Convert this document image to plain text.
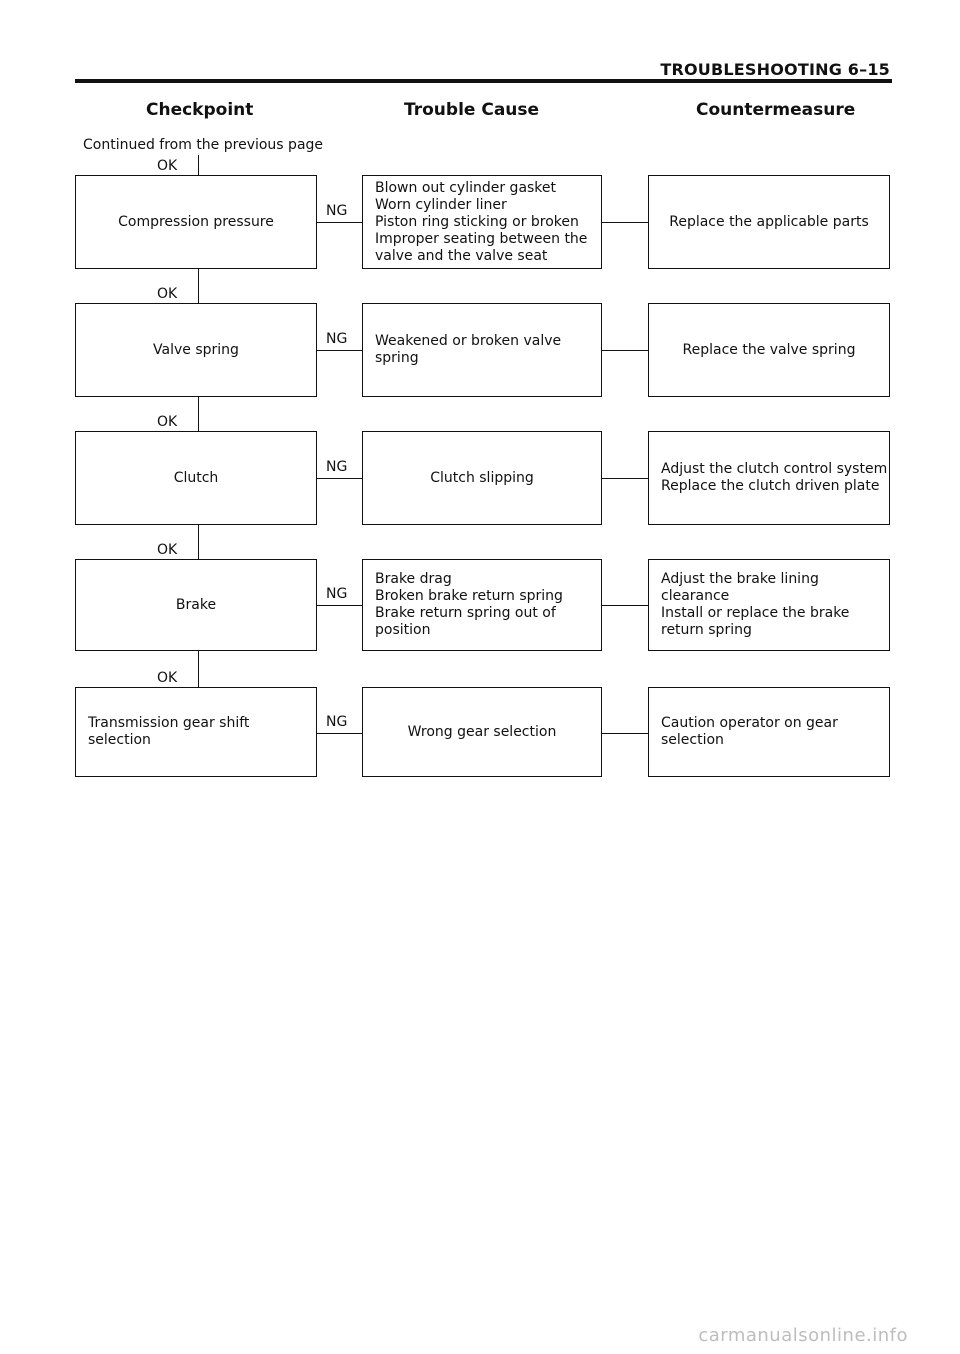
TROUBLESHOOTING 6–15
Checkpoint	Trouble Cause	Countermeasure
Continued from the previous page
OK
Compression pressure
NG
Blown out cylinder gasket
Worn cylinder liner
Piston ring sticking or broken
Improper seating between the
valve and the valve seat
Replace the applicable parts
OK
Valve spring
NG Weakened or broken valve spring
Replace the valve spring
OK
Clutch
NG
Clutch slipping
Adjust the clutch control system
Replace the clutch driven plate
OK
Brake
NG
Brake drag
Broken brake return spring
Brake return spring out of
position
Adjust the brake lining clearance
Install or replace the brake
return spring
OK
Transmission gear shift
selection
NG
Wrong gear selection
Caution operator on gear
selection
carmanualsonline.info
